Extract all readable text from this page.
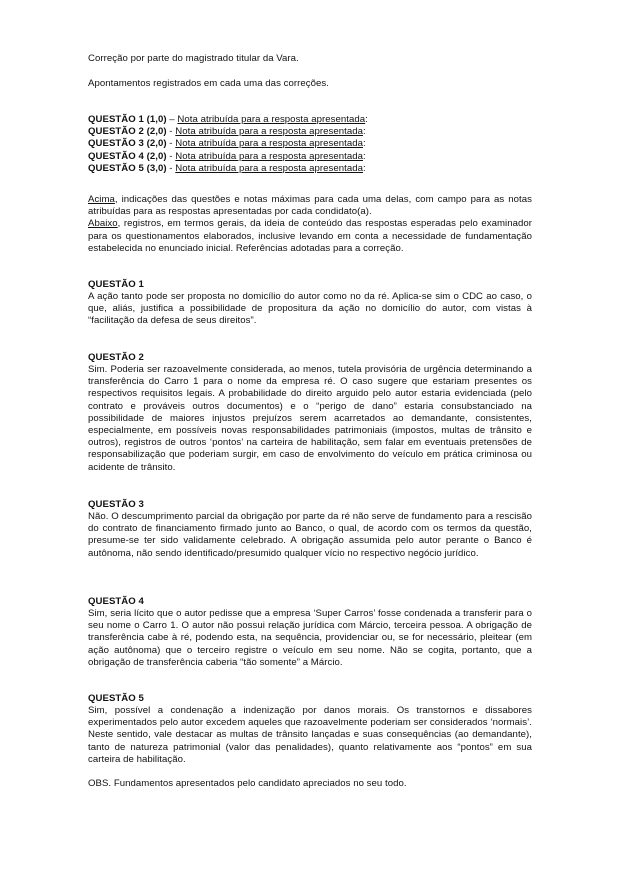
Correção por parte do magistrado titular da Vara.
Apontamentos registrados em cada uma das correções.
QUESTÃO 1 (1,0) – Nota atribuída para a resposta apresentada:
QUESTÃO 2 (2,0) - Nota atribuída para a resposta apresentada:
QUESTÃO 3 (2,0) - Nota atribuída para a resposta apresentada:
QUESTÃO 4 (2,0) - Nota atribuída para a resposta apresentada:
QUESTÃO 5 (3,0) - Nota atribuída para a resposta apresentada:

Acima, indicações das questões e notas máximas para cada uma delas, com campo para as notas atribuídas para as respostas apresentadas por cada condidato(a).

Abaixo, registros, em termos gerais, da ideia de conteúdo das respostas esperadas pelo examinador para os questionamentos elaborados, inclusive levando em conta a necessidade de fundamentação estabelecida no enunciado inicial. Referências adotadas para a correção.

QUESTÃO 1
A ação tanto pode ser proposta no domicílio do autor como no da ré. Aplica-se sim o CDC ao caso, o que, aliás, justifica a possibilidade de propositura da ação no domicílio do autor, com vistas à “facilitação da defesa de seus direitos”.
QUESTÃO 2
Sim. Poderia ser razoavelmente considerada, ao menos, tutela provisória de urgência determinando a transferência do Carro 1 para o nome da empresa ré. O caso sugere que estariam presentes os respectivos requisitos legais. A probabilidade do direito arguido pelo autor estaria evidenciada (pelo contrato e prováveis outros documentos) e o “perigo de dano” estaria consubstanciado na possibilidade de maiores injustos prejuízos serem acarretados ao demandante, consistentes, especialmente, em possíveis novas responsabilidades patrimoniais (impostos, multas de trânsito e outros), registros de outros ‘pontos’ na carteira de habilitação, sem falar em eventuais pretensões de responsabilização que poderiam surgir, em caso de envolvimento do veículo em prática criminosa ou acidente de trânsito.
QUESTÃO 3
Não. O descumprimento parcial da obrigação por parte da ré não serve de fundamento para a rescisão do contrato de financiamento firmado junto ao Banco, o qual, de acordo com os termos da questão, presume-se ter sido validamente celebrado. A obrigação assumida pelo autor perante o Banco é autônoma, não sendo identificado/presumido qualquer vício no respectivo negócio jurídico.
QUESTÃO 4
Sim, seria lícito que o autor pedisse que a empresa ‘Super Carros’ fosse condenada a transferir para o seu nome o Carro 1. O autor não possui relação jurídica com Márcio, terceira pessoa. A obrigação de transferência cabe à ré, podendo esta, na sequência, providenciar ou, se for necessário, pleitear (em ação autônoma) que o terceiro registre o veículo em seu nome. Não se cogita, portanto, que a obrigação de transferência caberia “tão somente” a Márcio.
QUESTÃO 5
Sim, possível a condenação a indenização por danos morais. Os transtornos e dissabores experimentados pelo autor excedem aqueles que razoavelmente poderiam ser considerados ‘normais’. Neste sentido, vale destacar as multas de trânsito lançadas e suas consequências (ao demandante), tanto de natureza patrimonial (valor das penalidades), quanto relativamente aos “pontos” em sua carteira de habilitação.
OBS. Fundamentos apresentados pelo candidato apreciados no seu todo.
